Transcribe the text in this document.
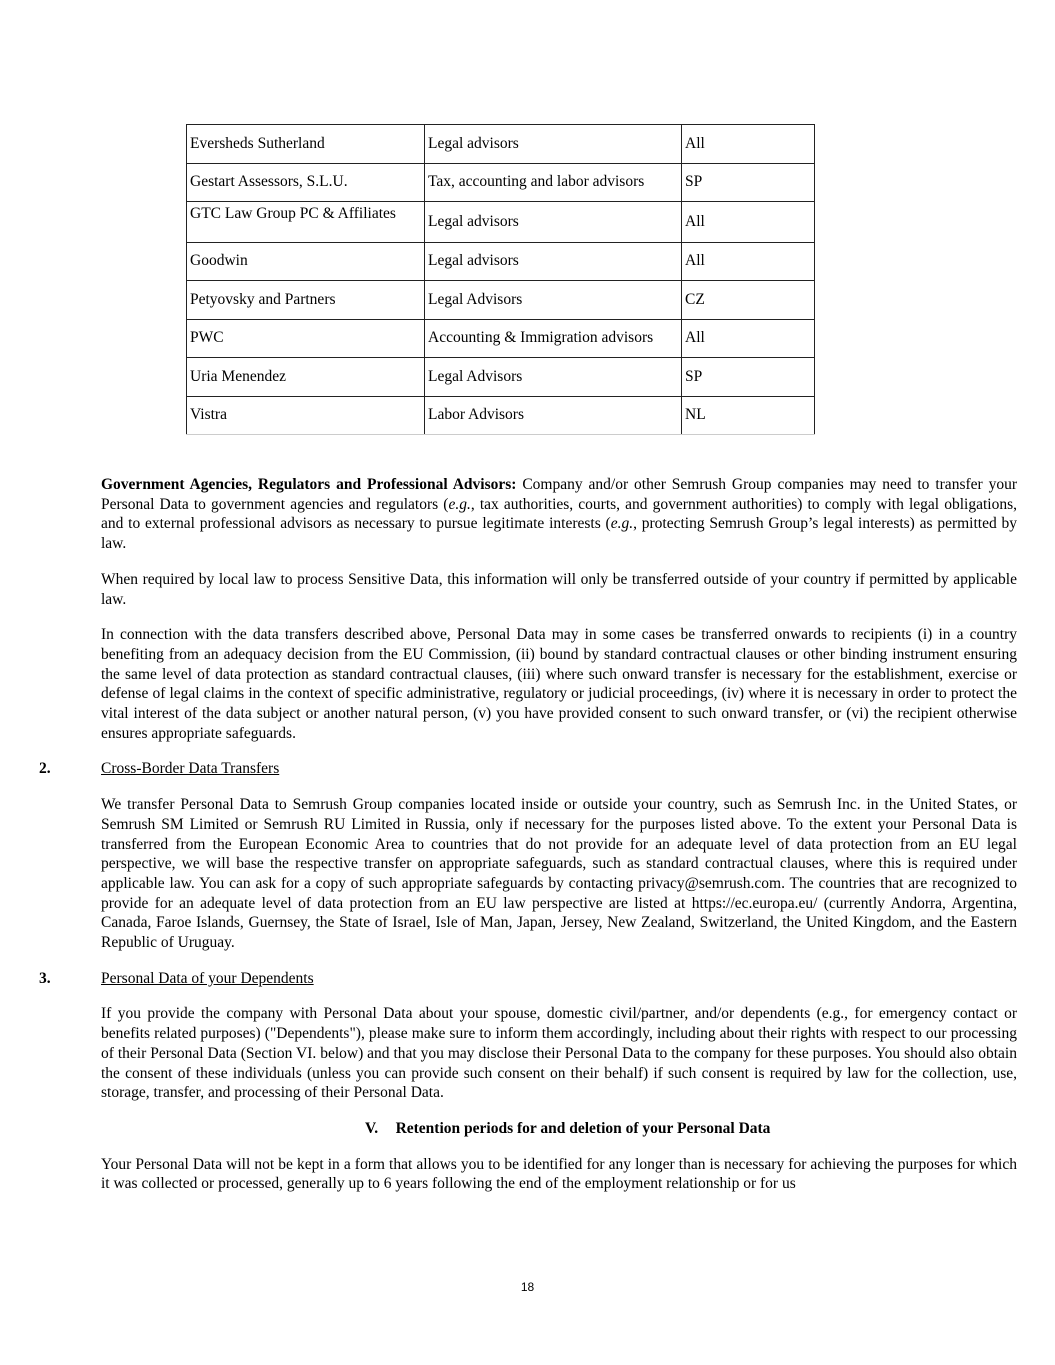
Eversheds Sutherland	Legal advisors	All
Gestart Assessors, S.L.U.	Tax, accounting and labor advisors	SP
GTC Law Group PC & Affiliates	Legal advisors	All
Goodwin	Legal advisors	All
Petyovsky and Partners	Legal Advisors	CZ
PWC	Accounting & Immigration advisors	All
Uria Menendez	Legal Advisors	SP
Vistra	Labor Advisors	NL

Government Agencies, Regulators and Professional Advisors: Company and/or other Semrush Group companies may need to transfer your Personal Data to government agencies and regulators (e.g., tax authorities, courts, and government authorities) to comply with legal obligations, and to external professional advisors as necessary to pursue legitimate interests (e.g., protecting Semrush Group’s legal interests) as permitted by law.

When required by local law to process Sensitive Data, this information will only be transferred outside of your country if permitted by applicable law.

In connection with the data transfers described above, Personal Data may in some cases be transferred onwards to recipients (i) in a country benefiting from an adequacy decision from the EU Commission, (ii) bound by standard contractual clauses or other binding instrument ensuring the same level of data protection as standard contractual clauses, (iii) where such onward transfer is necessary for the establishment, exercise or defense of legal claims in the context of specific administrative, regulatory or judicial proceedings, (iv) where it is necessary in order to protect the vital interest of the data subject or another natural person, (v) you have provided consent to such onward transfer, or (vi) the recipient otherwise ensures appropriate safeguards.

2.	Cross-Border Data Transfers

We transfer Personal Data to Semrush Group companies located inside or outside your country, such as Semrush Inc. in the United States, or Semrush SM Limited or Semrush RU Limited in Russia, only if necessary for the purposes listed above. To the extent your Personal Data is transferred from the European Economic Area to countries that do not provide for an adequate level of data protection from an EU legal perspective, we will base the respective transfer on appropriate safeguards, such as standard contractual clauses, where this is required under applicable law. You can ask for a copy of such appropriate safeguards by contacting privacy@semrush.com. The countries that are recognized to provide for an adequate level of data protection from an EU law perspective are listed at https://ec.europa.eu/ (currently Andorra, Argentina, Canada, Faroe Islands, Guernsey, the State of Israel, Isle of Man, Japan, Jersey, New Zealand, Switzerland, the United Kingdom, and the Eastern Republic of Uruguay.

3.	Personal Data of your Dependents

If you provide the company with Personal Data about your spouse, domestic civil/partner, and/or dependents (e.g., for emergency contact or benefits related purposes) ("Dependents"), please make sure to inform them accordingly, including about their rights with respect to our processing of their Personal Data (Section VI. below) and that you may disclose their Personal Data to the company for these purposes. You should also obtain the consent of these individuals (unless you can provide such consent on their behalf) if such consent is required by law for the collection, use, storage, transfer, and processing of their Personal Data.

V. Retention periods for and deletion of your Personal Data

Your Personal Data will not be kept in a form that allows you to be identified for any longer than is necessary for achieving the purposes for which it was collected or processed, generally up to 6 years following the end of the employment relationship or for us

18
